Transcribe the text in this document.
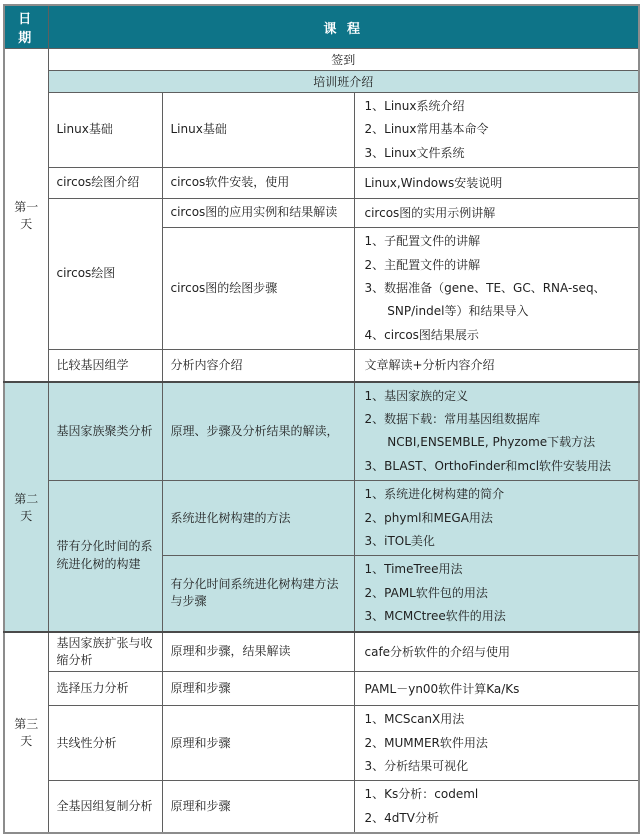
日 期	课 程		
第一天	签到		
	培训班介绍		
	Linux基础	Linux基础	1、Linux系统介绍
2、Linux常用基本命令
3、Linux文件系统

	circos绘图介绍	circos软件安装，使用	Linux,Windows安装说明
	circos绘图	circos图的应用实例和结果解读	circos图的实用示例讲解
		circos图的绘图步骤	1、子配置文件的讲解
2、主配置文件的讲解
3、数据准备（gene、TE、GC、RNA-seq、SNP/indel等）和结果导入
4、circos图结果展示

	比较基因组学	分析内容介绍	文章解读+分析内容介绍
第二天	基因家族聚类分析	原理、步骤及分析结果的解读，	1、基因家族的定义
2、数据下载：常用基因组数据库NCBI,ENSEMBLE, Phyzome下载方法
3、BLAST、OrthoFinder和mcl软件安装用法

	带有分化时间的系统进化树的构建	系统进化树构建的方法	1、系统进化树构建的简介
2、phyml和MEGA用法
3、iTOL美化

		有分化时间系统进化树构建方法与步骤	1、TimeTree用法
2、PAML软件包的用法
3、MCMCtree软件的用法

第三天	基因家族扩张与收缩分析	原理和步骤，结果解读	cafe分析软件的介绍与使用
	选择压力分析	原理和步骤	PAML－yn00软件计算Ka/Ks
	共线性分析	原理和步骤	1、MCScanX用法
2、MUMMER软件用法
3、分析结果可视化

	全基因组复制分析	原理和步骤	1、Ks分析：codeml
2、4dTV分析
